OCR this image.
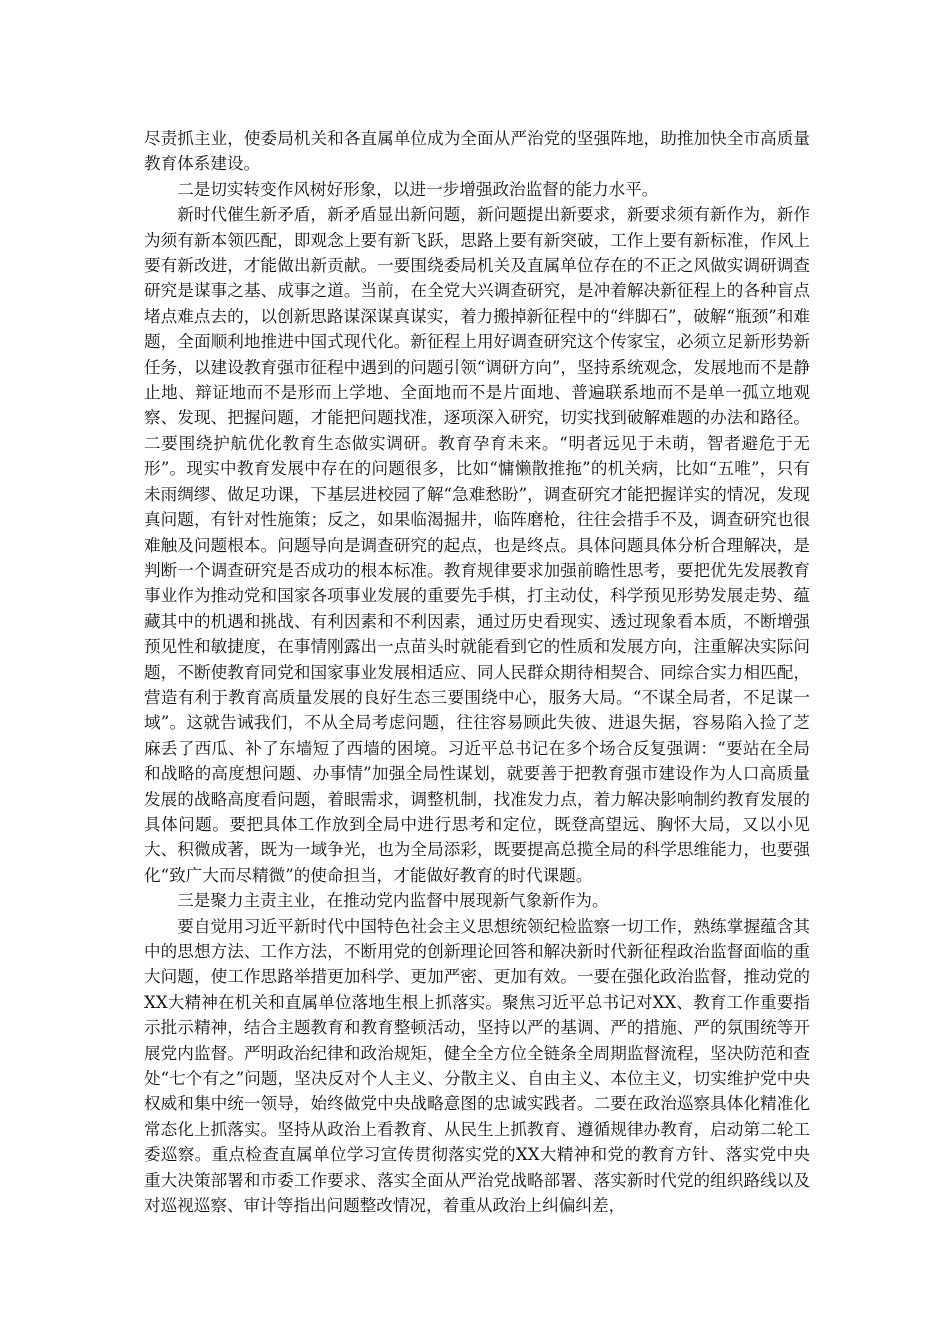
尽责抓主业，使委局机关和各直属单位成为全面从严治党的坚强阵地，助推加快全市高质量教育体系建设。

二是切实转变作风树好形象，以进一步增强政治监督的能力水平。

新时代催生新矛盾，新矛盾显出新问题，新问题提出新要求，新要求须有新作为，新作为须有新本领匹配，即观念上要有新飞跃，思路上要有新突破，工作上要有新标准，作风上要有新改进，才能做出新贡献。一要围绕委局机关及直属单位存在的不正之风做实调研调查研究是谋事之基、成事之道。当前，在全党大兴调查研究，是冲着解决新征程上的各种盲点堵点难点去的，以创新思路谋深谋真谋实，着力搬掉新征程中的“绊脚石”，破解“瓶颈”和难题，全面顺利地推进中国式现代化。新征程上用好调查研究这个传家宝，必须立足新形势新任务，以建设教育强市征程中遇到的问题引领“调研方向”，坚持系统观念，发展地而不是静止地、辩证地而不是形而上学地、全面地而不是片面地、普遍联系地而不是单一孤立地观察、发现、把握问题，才能把问题找准，逐项深入研究，切实找到破解难题的办法和路径。二要围绕护航优化教育生态做实调研。教育孕育未来。“明者远见于未萌，智者避危于无形”。现实中教育发展中存在的问题很多，比如“慵懒散推拖”的机关病，比如“五唯”，只有未雨绸缪、做足功课，下基层进校园了解“急难愁盼”，调查研究才能把握详实的情况，发现真问题，有针对性施策；反之，如果临渴掘井，临阵磨枪，往往会措手不及，调查研究也很难触及问题根本。问题导向是调查研究的起点，也是终点。具体问题具体分析合理解决，是判断一个调查研究是否成功的根本标准。教育规律要求加强前瞻性思考，要把优先发展教育事业作为推动党和国家各项事业发展的重要先手棋，打主动仗，科学预见形势发展走势、蕴藏其中的机遇和挑战、有利因素和不利因素，通过历史看现实、透过现象看本质，不断增强预见性和敏捷度，在事情刚露出一点苗头时就能看到它的性质和发展方向，注重解决实际问题，不断使教育同党和国家事业发展相适应、同人民群众期待相契合、同综合实力相匹配，营造有利于教育高质量发展的良好生态三要围绕中心，服务大局。“不谋全局者，不足谋一域”。这就告诫我们，不从全局考虑问题，往往容易顾此失彼、进退失据，容易陷入捡了芝麻丢了西瓜、补了东墙短了西墙的困境。习近平总书记在多个场合反复强调：“要站在全局和战略的高度想问题、办事情”加强全局性谋划，就要善于把教育强市建设作为人口高质量发展的战略高度看问题，着眼需求，调整机制，找准发力点，着力解决影响制约教育发展的具体问题。要把具体工作放到全局中进行思考和定位，既登高望远、胸怀大局，又以小见大、积微成著，既为一域争光，也为全局添彩，既要提高总揽全局的科学思维能力，也要强化“致广大而尽精微”的使命担当，才能做好教育的时代课题。

三是聚力主责主业，在推动党内监督中展现新气象新作为。

要自觉用习近平新时代中国特色社会主义思想统领纪检监察一切工作，熟练掌握蕴含其中的思想方法、工作方法，不断用党的创新理论回答和解决新时代新征程政治监督面临的重大问题，使工作思路举措更加科学、更加严密、更加有效。一要在强化政治监督，推动党的XX大精神在机关和直属单位落地生根上抓落实。聚焦习近平总书记对XX、教育工作重要指示批示精神，结合主题教育和教育整顿活动，坚持以严的基调、严的措施、严的氛围统等开展党内监督。严明政治纪律和政治规矩，健全全方位全链条全周期监督流程，坚决防范和查处“七个有之”问题，坚决反对个人主义、分散主义、自由主义、本位主义，切实维护党中央权威和集中统一领导，始终做党中央战略意图的忠诚实践者。二要在政治巡察具体化精准化常态化上抓落实。坚持从政治上看教育、从民生上抓教育、遵循规律办教育，启动第二轮工委巡察。重点检查直属单位学习宣传贯彻落实党的XX大精神和党的教育方针、落实党中央重大决策部署和市委工作要求、落实全面从严治党战略部署、落实新时代党的组织路线以及对巡视巡察、审计等指出问题整改情况，着重从政治上纠偏纠差，
